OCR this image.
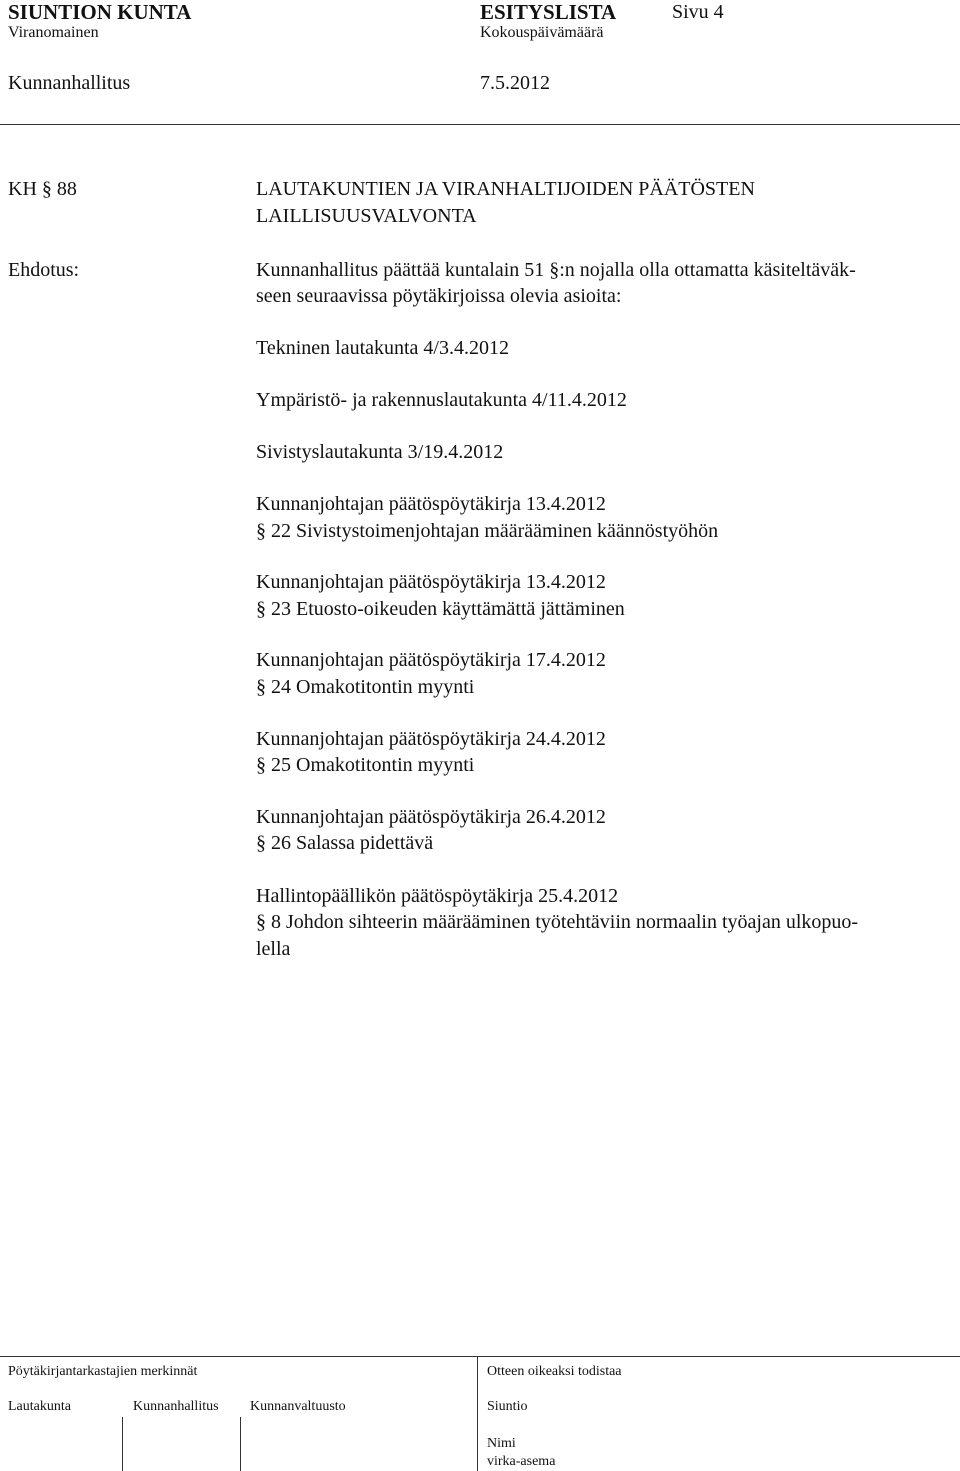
SIUNTION KUNTA	ESITYSLISTA	Sivu 4
Viranomainen	Kokouspäivämäärä
Kunnanhallitus	7.5.2012
KH § 88	LAUTAKUNTIEN JA VIRANHALTIJOIDEN PÄÄTÖSTEN
LAILLISUUSVALVONTA
Ehdotus:	Kunnanhallitus päättää kuntalain 51 §:n nojalla olla ottamatta käsiteltäväk-
seen seuraavissa pöytäkirjoissa olevia asioita:
Tekninen lautakunta 4/3.4.2012
Ympäristö- ja rakennuslautakunta 4/11.4.2012
Sivistyslautakunta 3/19.4.2012
Kunnanjohtajan päätöspöytäkirja 13.4.2012
§ 22 Sivistystoimenjohtajan määrääminen käännöstyöhön
Kunnanjohtajan päätöspöytäkirja 13.4.2012
§ 23 Etuosto-oikeuden käyttämättä jättäminen
Kunnanjohtajan päätöspöytäkirja 17.4.2012
§ 24 Omakotitontin myynti
Kunnanjohtajan päätöspöytäkirja 24.4.2012
§ 25 Omakotitontin myynti
Kunnanjohtajan päätöspöytäkirja 26.4.2012
§ 26 Salassa pidettävä
Hallintopäällikön päätöspöytäkirja 25.4.2012
§ 8 Johdon sihteerin määrääminen työtehtäviin normaalin työajan ulkopuo-
lella
Pöytäkirjantarkastajien merkinnät	Otteen oikeaksi todistaa
Lautakunta	Kunnanhallitus Kunnanvaltuusto	Siuntio
Nimi
virka-asema
